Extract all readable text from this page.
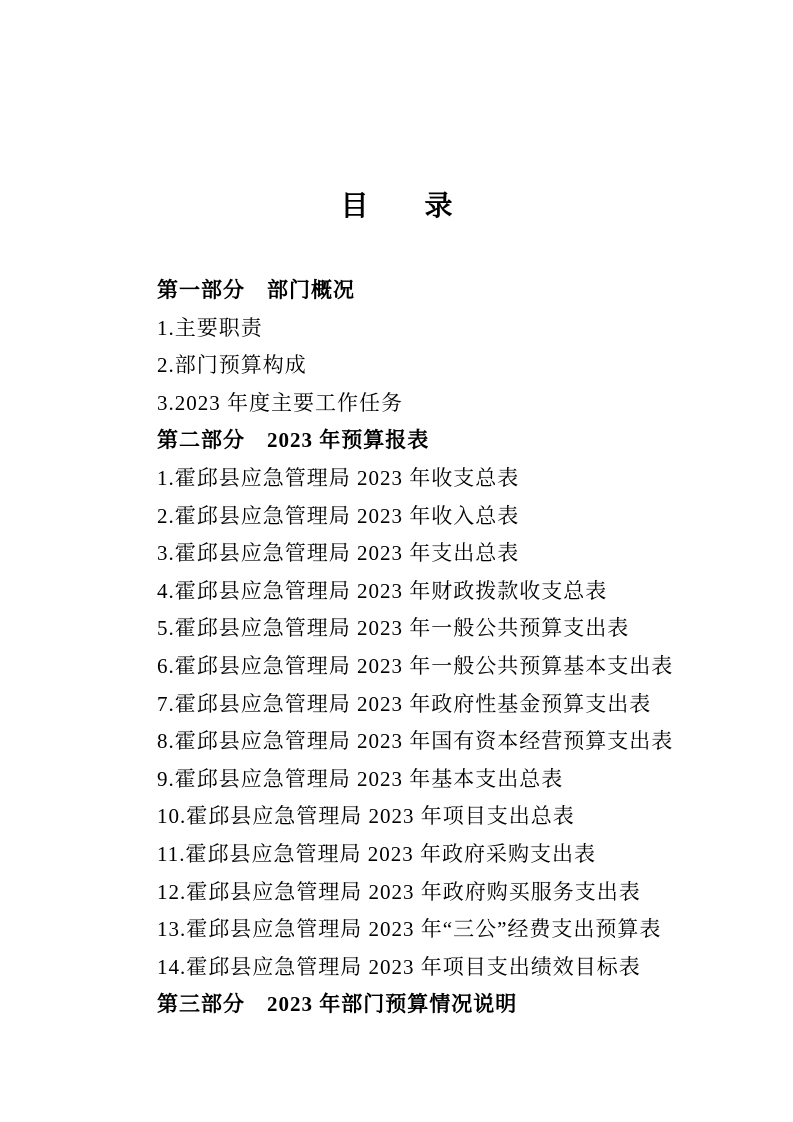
目　　录
第一部分　部门概况
1.主要职责
2.部门预算构成
3.2023 年度主要工作任务
第二部分　2023 年预算报表
1.霍邱县应急管理局 2023 年收支总表
2.霍邱县应急管理局 2023 年收入总表
3.霍邱县应急管理局 2023 年支出总表
4.霍邱县应急管理局 2023 年财政拨款收支总表
5.霍邱县应急管理局 2023 年一般公共预算支出表
6.霍邱县应急管理局 2023 年一般公共预算基本支出表
7.霍邱县应急管理局 2023 年政府性基金预算支出表
8.霍邱县应急管理局 2023 年国有资本经营预算支出表
9.霍邱县应急管理局 2023 年基本支出总表
10.霍邱县应急管理局 2023 年项目支出总表
11.霍邱县应急管理局 2023 年政府采购支出表
12.霍邱县应急管理局 2023 年政府购买服务支出表
13.霍邱县应急管理局 2023 年“三公”经费支出预算表
14.霍邱县应急管理局 2023 年项目支出绩效目标表
第三部分　2023 年部门预算情况说明
